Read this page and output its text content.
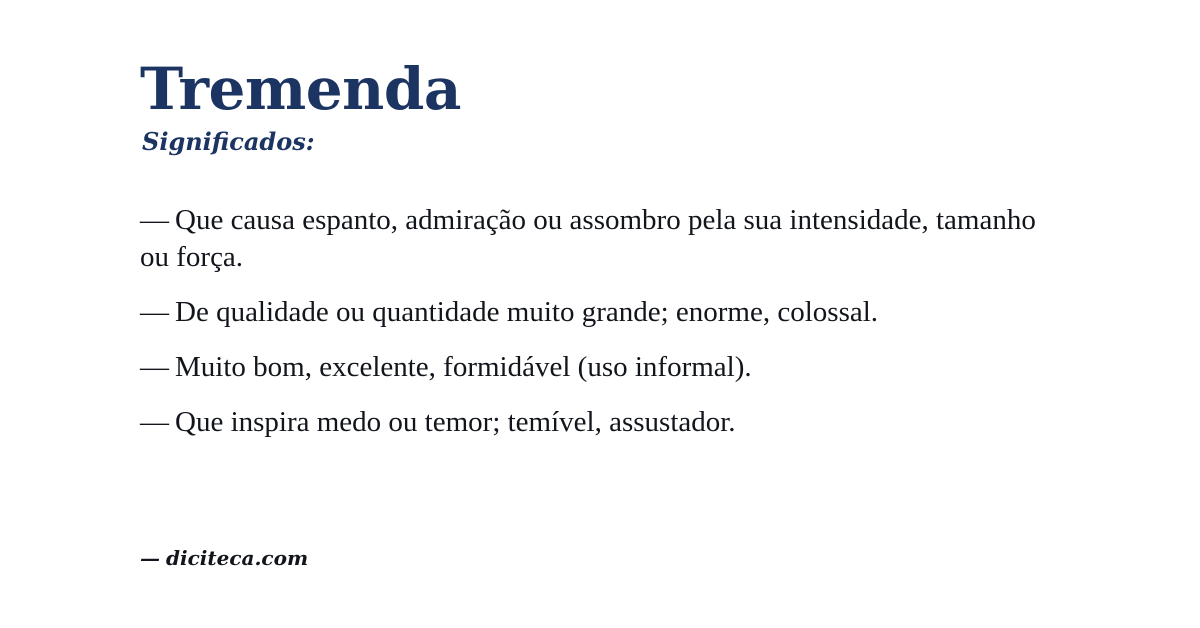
Tremenda
Significados:

— Que causa espanto, admiração ou assombro pela sua intensidade, tamanho ou força.

— De qualidade ou quantidade muito grande; enorme, colossal.

— Muito bom, excelente, formidável (uso informal).

— Que inspira medo ou temor; temível, assustador.

— diciteca.com
